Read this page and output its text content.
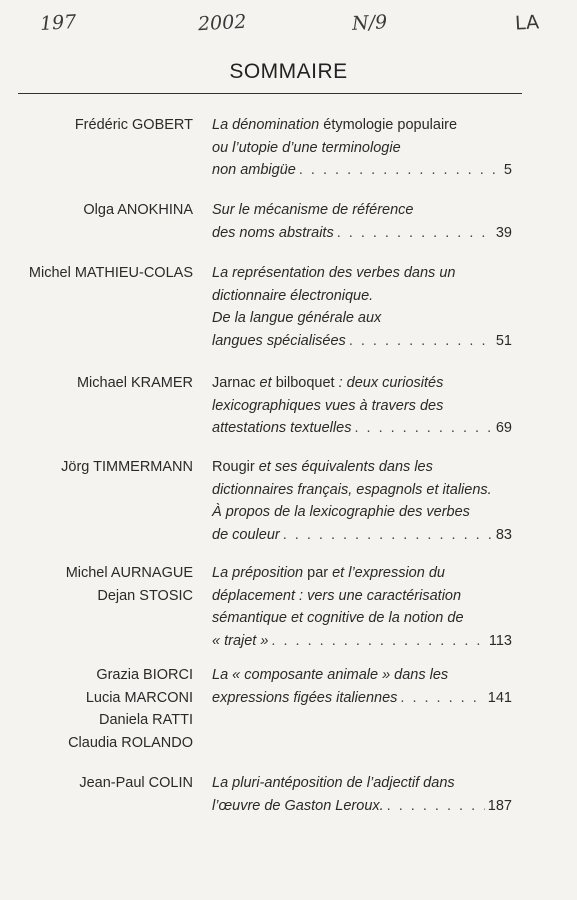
197	2002	N/9	LA
SOMMAIRE
Frédéric GOBERT La dénomination étymologie populaire
ou l’utopie d’une terminologie
non ambigüe . . .	5
Olga ANOKHINA Sur le mécanisme de référence
des noms abstraits . . .	39
Michel MATHIEU-COLAS La représentation des verbes dans un
dictionnaire électronique.
De la langue générale aux
langues spécialisées . . .	51
Michael KRAMER Jarnac et bilboquet : deux curiosités
lexicographiques vues à travers des
attestations textuelles . . .	69
Jörg TIMMERMANN Rougir et ses équivalents dans les
dictionnaires français, espagnols et italiens.
À propos de la lexicographie des verbes
de couleur . . .	83
Michel AURNAGUE
Dejan STOSIC
La préposition par et l’expression du
déplacement : vers une caractérisation
sémantique et cognitive de la notion de
« trajet » . . .	113
Grazia BIORCI
Lucia MARCONI
Daniela RATTI
Claudia ROLANDO
La « composante animale » dans les
expressions figées italiennes . . .	141
Jean-Paul COLIN La pluri-antéposition de l’adjectif dans
l’œuvre de Gaston Leroux. . . .	187
